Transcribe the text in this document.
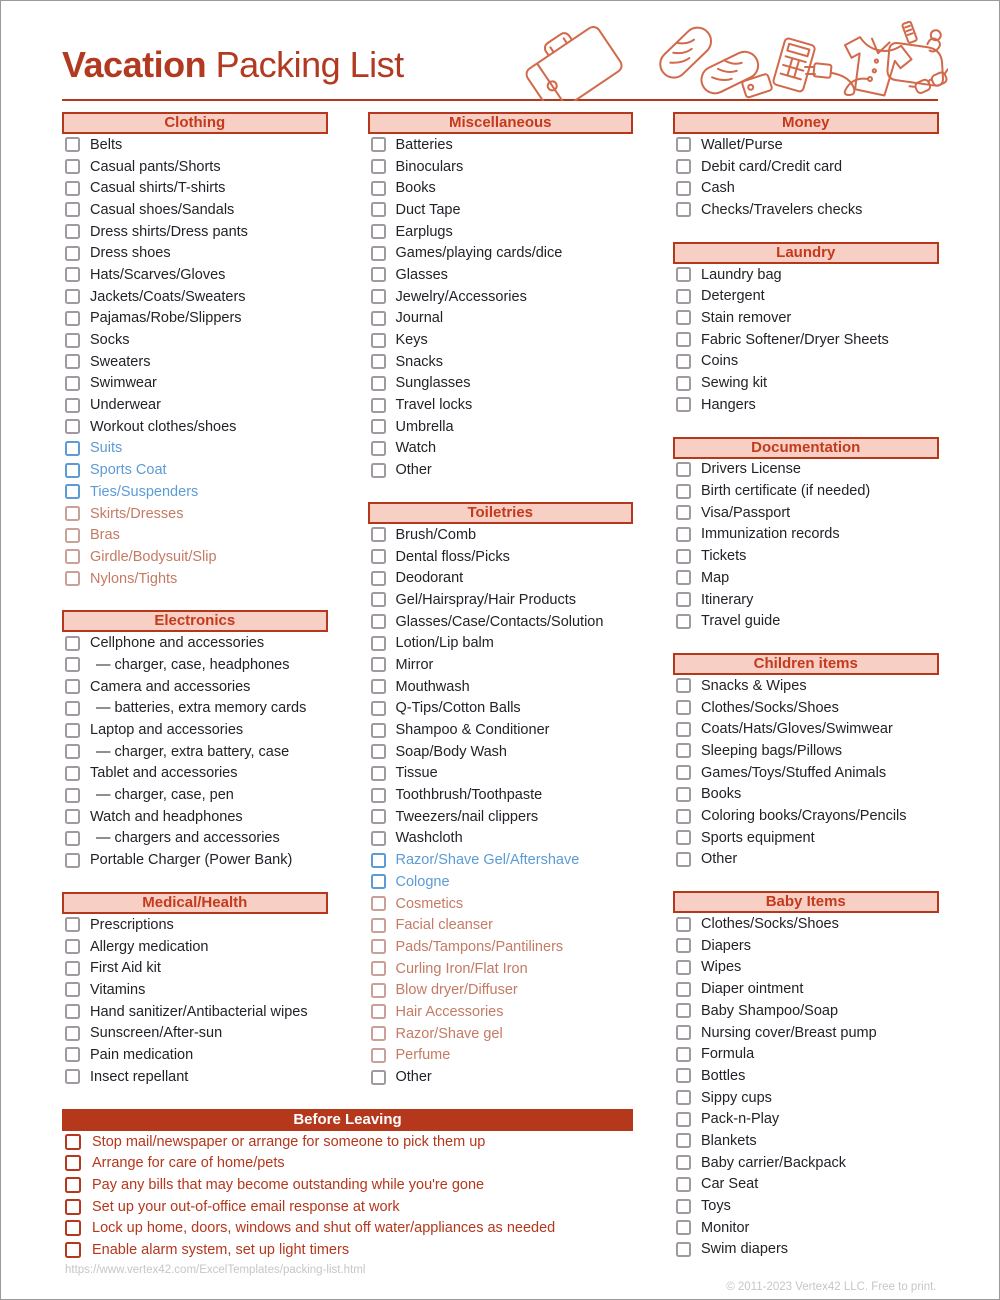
Vacation Packing List
Clothing
Belts
Casual pants/Shorts
Casual shirts/T-shirts
Casual shoes/Sandals
Dress shirts/Dress pants
Dress shoes
Hats/Scarves/Gloves
Jackets/Coats/Sweaters
Pajamas/Robe/Slippers
Socks
Sweaters
Swimwear
Underwear
Workout clothes/shoes
Suits
Sports Coat
Ties/Suspenders
Skirts/Dresses
Bras
Girdle/Bodysuit/Slip
Nylons/Tights
Electronics
Cellphone and accessories
— charger, case, headphones
Camera and accessories
— batteries, extra memory cards
Laptop and accessories
— charger, extra battery, case
Tablet and accessories
— charger, case, pen
Watch and headphones
— chargers and accessories
Portable Charger (Power Bank)
Medical/Health
Prescriptions
Allergy medication
First Aid kit
Vitamins
Hand sanitizer/Antibacterial wipes
Sunscreen/After-sun
Pain medication
Insect repellant
Miscellaneous
Batteries
Binoculars
Books
Duct Tape
Earplugs
Games/playing cards/dice
Glasses
Jewelry/Accessories
Journal
Keys
Snacks
Sunglasses
Travel locks
Umbrella
Watch
Other
Toiletries
Brush/Comb
Dental floss/Picks
Deodorant
Gel/Hairspray/Hair Products
Glasses/Case/Contacts/Solution
Lotion/Lip balm
Mirror
Mouthwash
Q-Tips/Cotton Balls
Shampoo & Conditioner
Soap/Body Wash
Tissue
Toothbrush/Toothpaste
Tweezers/nail clippers
Washcloth
Razor/Shave Gel/Aftershave
Cologne
Cosmetics
Facial cleanser
Pads/Tampons/Pantiliners
Curling Iron/Flat Iron
Blow dryer/Diffuser
Hair Accessories
Razor/Shave gel
Perfume
Other
Before Leaving
Stop mail/newspaper or arrange for someone to pick them up
Arrange for care of home/pets
Pay any bills that may become outstanding while you're gone
Set up your out-of-office email response at work
Lock up home, doors, windows and shut off water/appliances as needed
Enable alarm system, set up light timers
https://www.vertex42.com/ExcelTemplates/packing-list.html
Money
Wallet/Purse
Debit card/Credit card
Cash
Checks/Travelers checks
Laundry
Laundry bag
Detergent
Stain remover
Fabric Softener/Dryer Sheets
Coins
Sewing kit
Hangers
Documentation
Drivers License
Birth certificate (if needed)
Visa/Passport
Immunization records
Tickets
Map
Itinerary
Travel guide
Children items
Snacks & Wipes
Clothes/Socks/Shoes
Coats/Hats/Gloves/Swimwear
Sleeping bags/Pillows
Games/Toys/Stuffed Animals
Books
Coloring books/Crayons/Pencils
Sports equipment
Other
Baby Items
Clothes/Socks/Shoes
Diapers
Wipes
Diaper ointment
Baby Shampoo/Soap
Nursing cover/Breast pump
Formula
Bottles
Sippy cups
Pack-n-Play
Blankets
Baby carrier/Backpack
Car Seat
Toys
Monitor
Swim diapers
© 2011-2023 Vertex42 LLC. Free to print.
